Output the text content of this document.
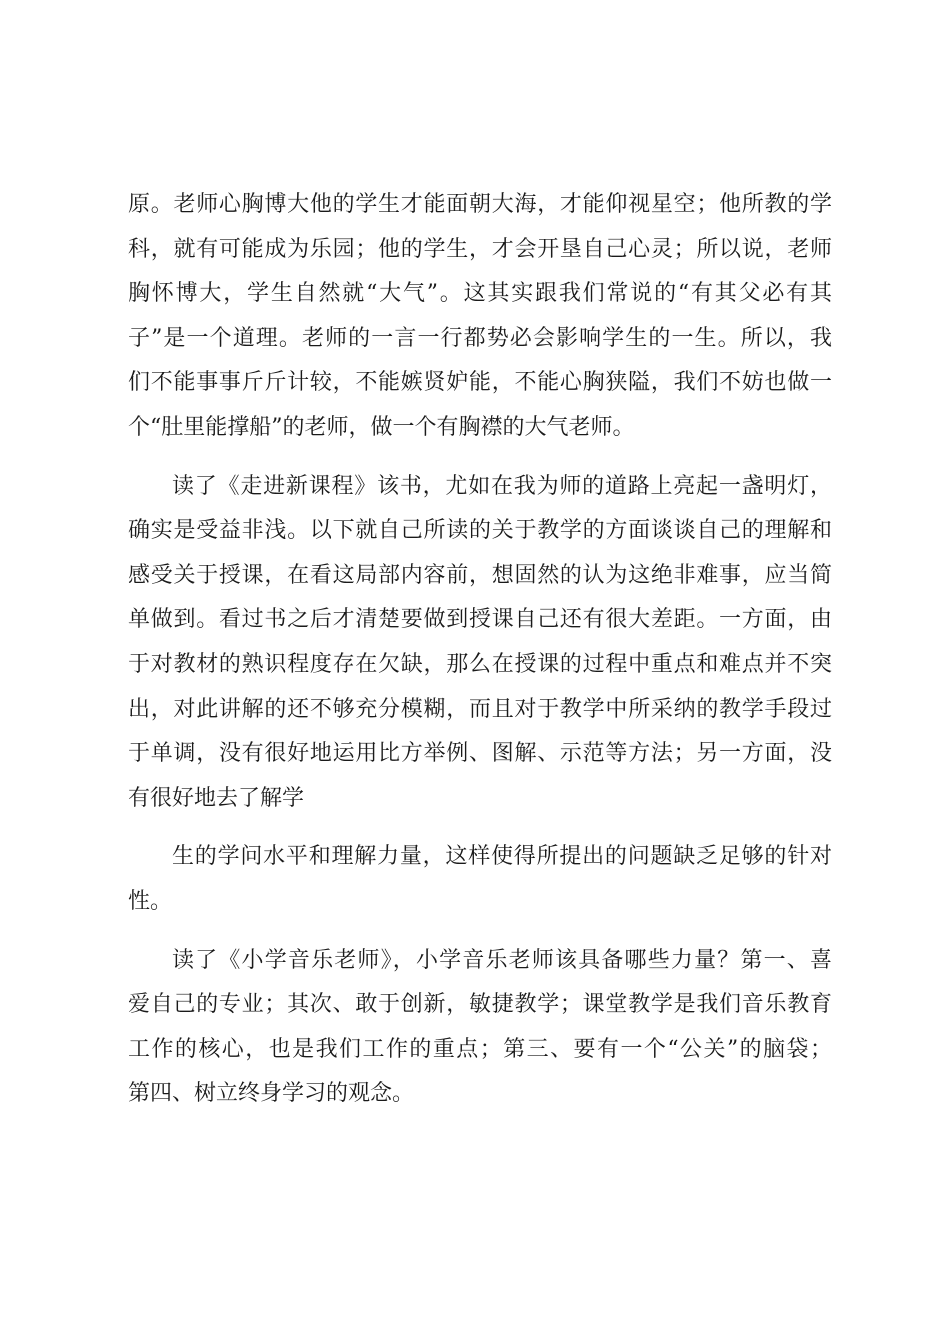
原。老师心胸博大他的学生才能面朝大海，才能仰视星空；他所教的学
科，就有可能成为乐园；他的学生，才会开垦自己心灵；所以说，老师
胸怀博大，学生自然就“大气”。这其实跟我们常说的“有其父必有其
子”是一个道理。老师的一言一行都势必会影响学生的一生。所以，我
们不能事事斤斤计较，不能嫉贤妒能，不能心胸狭隘，我们不妨也做一
个“肚里能撑船”的老师，做一个有胸襟的大气老师。
读了《走进新课程》该书，尤如在我为师的道路上亮起一盏明灯，
确实是受益非浅。以下就自己所读的关于教学的方面谈谈自己的理解和
感受关于授课，在看这局部内容前，想固然的认为这绝非难事，应当简
单做到。看过书之后才清楚要做到授课自己还有很大差距。一方面，由
于对教材的熟识程度存在欠缺，那么在授课的过程中重点和难点并不突
出，对此讲解的还不够充分模糊，而且对于教学中所采纳的教学手段过
于单调，没有很好地运用比方举例、图解、示范等方法；另一方面，没
有很好地去了解学
生的学问水平和理解力量，这样使得所提出的问题缺乏足够的针对
性。
读了《小学音乐老师》，小学音乐老师该具备哪些力量？第一、喜
爱自己的专业；其次、敢于创新，敏捷教学；课堂教学是我们音乐教育
工作的核心，也是我们工作的重点；第三、要有一个“公关”的脑袋；
第四、树立终身学习的观念。
